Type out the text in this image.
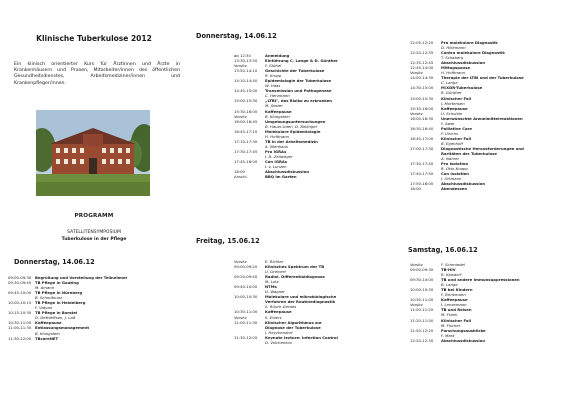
Klinische Tuberkulose 2012
Ein klinisch orientierter Kurs für Ärztinnen und Ärzte in Krankenhäusern und Praxen, Mitarbeiter/innen des öffentlichen Gesundheitsdienstes, Arbeitsmediziner/innen und Krankenpfleger/innen.
PROGRAMM
SATELLITENSYMPOSIUM
Tuberkulose in der Pflege
Donnerstag, 14.06.12
09:00-09:30 Begrüßung und Vorstellung der Teilnehmer
09:30-09:45 TB Pflege in Gauting
M. Amann
09:45-10:00 TB Pflege in Nürnberg
B. Schmitkunz
10:00-10:15 TB Pflege in Heidelberg
F. Vatyan
10:15-10:30 TB Pflege in Borstel
D. Dethleffsen, J. Laß
10:30-11:00 Kaffeepause
11:00-11:30 Entlassungsmanagement
B. Königstein
11:30-12:00 TBcareNET
Donnerstag, 14.06.12
ab 12:30	Anmeldung
13:30-13:50	Einführung C. Lange & D. Günther
Vorsitz	F. Stübel
13:50-14:10	Geschichte der Tuberkulose
R. Kropp
14:10-14:40	Epidemiologie der Tuberkulose
W. Haas
14:40-15:00	Transmission und Pathogenese
C. Herzmann
15:00-15:30	„LTBI", das Risiko zu erkranken
M. Sester
15:30-16:00	Kaffeepause
Vorsitz	B. Königstein
16:00-16:45	Umgebungsuntersuchungen
B. Hauer-Uden, D. Bellinger
16:45-17:10	Molekulare Epidemiologie
H. Hoffmann
17:10-17:30	TB in der Arbeitsmedizin
A. Nienhaus
17:30-17:45	Pro IGRAs
J.-R. Zellweger
17:45-18:00	Con IGRAs
I. v. Lunzen
18:00	Abschlussdiskussion
Anschl.	BBQ im Garten
Freitag, 15.06.12
Vorsitz	E. Richter
09:00-09:20	Klinisches Spektrum der TB
U. Greinert
09:20-09:40	Radiol. Differentialdiagnose
M. Lotz
09:40-10:00	NTMs
D. Wagner
10:00-10:30	Molekulare und mikrobiologische
Verfahren der Routinediagnostik
S. Rüsch-Gerdes
10:30-11:00	Kaffeepause
Vorsitz	S. Ehlers
11:00-11:30	Klinischer Algorithmus zur
Diagnose der Tuberkulose
J. Heyckendorf
11:30-12:05	Keynote lecture: Infection Control
D. Volchenkov
12:05-12:20	Pro molekulare Diagnostik
D. Hillemann
12:20-12:35	Contra molekulare Diagnostik
T. Schaberg
12:35-12:45	Abschlussdiskussion
12:45-14:00	Mittagspause
Vorsitz	H. Hoffmann
14:00-14:30	Therapie der LTBI und der Tuberkulose
C. Lange
14:30-15:00	M/XDR-Tuberkulose
R. Günther
15:00-15:30	Klinischer Fall
J. Mortensen
15:30-16:00	Kaffeepause
Vorsitz	U. Schoible
16:00-16:30	Unerwünschte Arzneimittelreaktionen
F. Awar
16:30-16:40	Palliative Care
F. Ulrichs
16:40-17:00	Klinischer Fall
B. Egenhoff
17:00-17:30	Diagnostische Herausforderungen und
Raritäten der Tuberkulose
A. Nahrer
17:30-17:40	Pro Isolation
R. Otto-Knapp
17:40-17:50	Con Isolation
J. Ortmann
17:50-18:00	Abschlussdiskussion
18:00	Abendessen
Samstag, 16.06.12
Vorsitz	F. Schmiedel
09:00-09:30	TB-HIV
R. Kalsdorf
09:30-10:00	TB und andere Immunsuppressionen
B. Lange
10:00-10:30	TB bei Kindern
F. Brinkmann
10:30-11:00	Kaffeepause
Vorsitz	J. Lenzemann
11:00-11:20	TB und Reisen
M. Frank
11:20-11:50	Klinischer Fall
M. Fischer
11:50-12:20	Forschungsausblicke
F. Marx
12:20-12:30	Abschlussdiskussion
